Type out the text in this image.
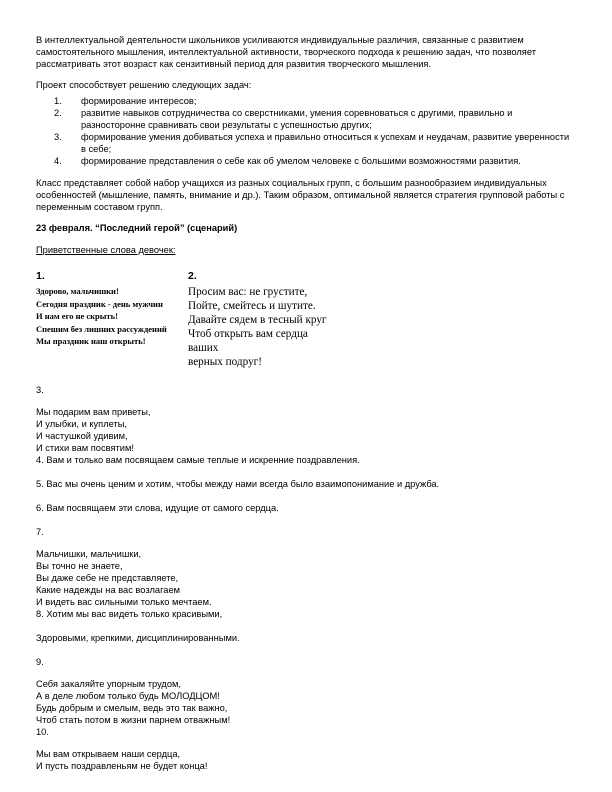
В интеллектуальной деятельности школьников усиливаются индивидуальные различия, связанные с развитием самостоятельного мышления, интеллектуальной активности, творческого подхода к решению задач, что позволяет рассматривать этот возраст как сензитивный период для развития творческого мышления.

Проект способствует решению следующих задач:

1.	формирование интересов;
2.	развитие навыков сотрудничества со сверстниками, умения соревноваться с другими, правильно и разносторонне сравнивать свои результаты с успешностью других;
3.	формирование умения добиваться успеха и правильно относиться к успехам и неудачам, развитие уверенности в себе;
4.	формирование представления о себе как об умелом человеке с большими возможностями развития.

Класс представляет собой набор учащихся из разных социальных групп, с большим разнообразием индивидуальных особенностей (мышление, память, внимание и др.). Таким образом, оптимальной является стратегия групповой работы с переменным составом групп.

23 февраля. “Последний герой” (сценарий)

Приветственные слова девочек:

1.
Здорово, мальчишки!
Сегодня праздник - день мужчин
И нам его не скрыть!
Спешим без лишних рассуждений
Мы праздник наш открыть!
2.
Просим вас: не грустите,
Пойте, смейтесь и шутите.
Давайте сядем в тесный круг
Чтоб открыть вам сердца
ваших
верных подруг!

3.

Мы подарим вам приветы,
И улыбки, и куплеты,
И частушкой удивим,
И стихи вам посвятим!

4. Вам и только вам посвящаем самые теплые и искренние поздравления.

5. Вас мы очень ценим и хотим, чтобы между нами всегда было взаимопонимание и дружба.

6. Вам посвящаем эти слова, идущие от самого сердца.

7.

Мальчишки, мальчишки,
Вы точно не знаете,
Вы даже себе не представляете,
Какие надежды на вас возлагаем
И видеть вас сильными только мечтаем.

8. Хотим мы вас видеть только красивыми,

Здоровыми, крепкими, дисциплинированными.

9.

Себя закаляйте упорным трудом,
А в деле любом только будь МОЛОДЦОМ!
Будь добрым и смелым, ведь это так важно,
Чтоб стать потом в жизни парнем отважным!

10.

Мы вам открываем наши сердца,
И пусть поздравленьям не будет конца!
